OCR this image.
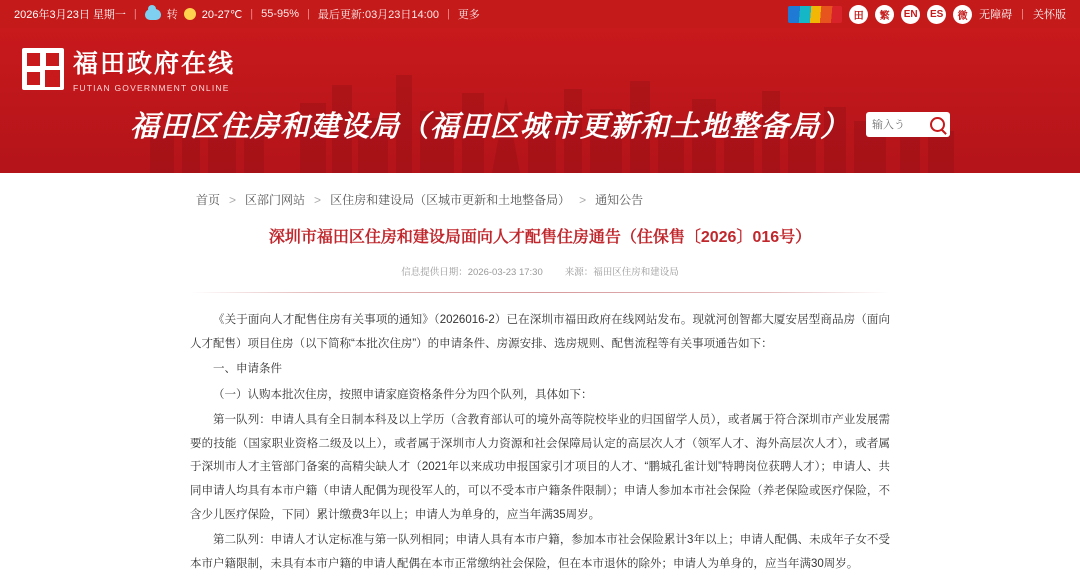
2026年3月23日 星期一 |	转 20-27℃ | 55-95% | 最后更新:03月23日14:00 | 更多	田	繁	EN ES	微	无障碍 | 关怀版
★ 福田政府在线
FUTIAN GOVERNMENT ONLINE
福田区住房和建设局（福田区城市更新和土地整备局）
输入う
首页 > 区部门网站 > 区住房和建设局（区城市更新和土地整备局） > 通知公告
深圳市福田区住房和建设局面向人才配售住房通告（住保售〔2026〕016号）
信息提供日期：2026-03-23 17:30 来源：福田区住房和建设局

《关于面向人才配售住房有关事项的通知》（2026016-2）已在深圳市福田政府在线网站发布。现就河创智都大厦安居型商品房（面向人才配售）项目住房（以下简称“本批次住房”）的申请条件、房源安排、选房规则、配售流程等有关事项通告如下：

一、申请条件

（一）认购本批次住房，按照申请家庭资格条件分为四个队列，具体如下：

第一队列：申请人具有全日制本科及以上学历（含教育部认可的境外高等院校毕业的归国留学人员），或者属于符合深圳市产业发展需要的技能（国家职业资格二级及以上），或者属于深圳市人力资源和社会保障局认定的高层次人才（领军人才、海外高层次人才），或者属于深圳市人才主管部门备案的高精尖缺人才（2021年以来成功申报国家引才项目的人才、“鹏城孔雀计划”特聘岗位获聘人才）；申请人、共同申请人均具有本市户籍（申请人配偶为现役军人的，可以不受本市户籍条件限制）；申请人参加本市社会保险（养老保险或医疗保险，不含少儿医疗保险，下同）累计缴费3年以上；申请人为单身的，应当年满35周岁。

第二队列：申请人才认定标准与第一队列相同；申请人具有本市户籍，参加本市社会保险累计3年以上；申请人配偶、未成年子女不受本市户籍限制，未具有本市户籍的申请人配偶在本市正常缴纳社会保险，但在本市退休的除外；申请人为单身的，应当年满30周岁。
